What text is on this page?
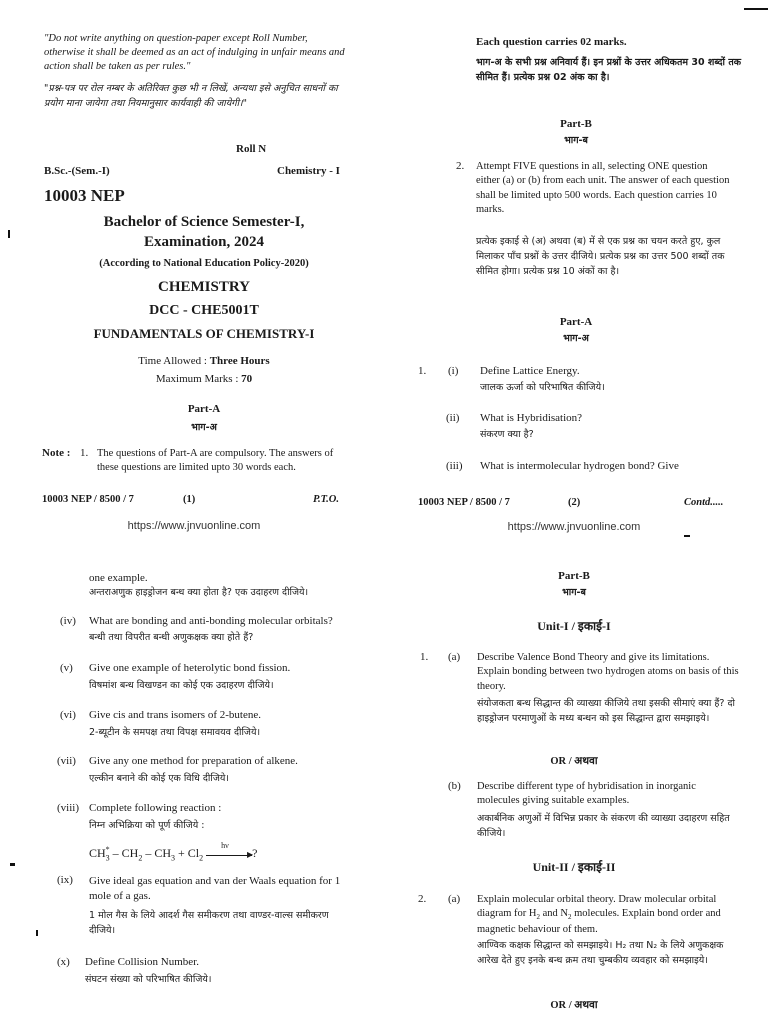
"Do not write anything on question-paper except Roll Number, otherwise it shall be deemed as an act of indulging in unfair means and action shall be taken as per rules."
"प्रश्न-पत्र पर रोल नम्बर के अतिरिक्त कुछ भी न लिखें, अन्यथा इसे अनुचित साधनों का प्रयोग माना जायेगा तथा नियमानुसार कार्यवाही की जायेगी।"
Roll N
B.Sc.-(Sem.-I)	Chemistry - I
10003 NEP
Bachelor of Science Semester-I,
Examination, 2024
(According to National Education Policy-2020)
CHEMISTRY
DCC - CHE5001T
FUNDAMENTALS OF CHEMISTRY-I
Time Allowed : Three Hours
Maximum Marks : 70
Part-A
भाग-अ
Note : 1. The questions of Part-A are compulsory. The answers of these questions are limited upto 30 words each.
10003 NEP / 8500 / 7	(1)	P.T.O.
https://www.jnvuonline.com
Each question carries 02 marks.
भाग-अ के सभी प्रश्न अनिवार्य हैं। इन प्रश्नों के उत्तर अधिकतम 30 शब्दों तक सीमित हैं। प्रत्येक प्रश्न 02 अंक का है।
Part-B
भाग-ब
2. Attempt FIVE questions in all, selecting ONE question either (a) or (b) from each unit. The answer of each question shall be limited upto 500 words. Each question carries 10 marks.
प्रत्येक इकाई से (अ) अथवा (ब) में से एक प्रश्न का चयन करते हुए, कुल मिलाकर पाँच प्रश्नों के उत्तर दीजिये। प्रत्येक प्रश्न का उत्तर 500 शब्दों तक सीमित होगा। प्रत्येक प्रश्न 10 अंकों का है।
Part-A
भाग-अ
1. (i) Define Lattice Energy.
जालक ऊर्जा को परिभाषित कीजिये।
(ii) What is Hybridisation?
संकरण क्या है?
(iii) What is intermolecular hydrogen bond? Give
10003 NEP / 8500 / 7	(2)	Contd.....
https://www.jnvuonline.com
one example.
अन्तराअणुक हाइड्रोजन बन्ध क्या होता है? एक उदाहरण दीजिये।
(iv) What are bonding and anti-bonding molecular orbitals?
बन्धी तथा विपरीत बन्धी अणुकक्षक क्या होते हैं?
(v) Give one example of heterolytic bond fission.
विषमांश बन्ध विखण्डन का कोई एक उदाहरण दीजिये।
(vi) Give cis and trans isomers of 2-butene.
2-ब्यूटीन के समपक्ष तथा विपक्ष समावयव दीजिये।
(vii) Give any one method for preparation of alkene.
एल्कीन बनाने की कोई एक विधि दीजिये।
(viii) Complete following reaction :
निम्न अभिक्रिया को पूर्ण कीजिये :
$CH_3^* - CH_2 - CH_3 + Cl_2$
hν
▶ ?
(ix) Give ideal gas equation and van der Waals equation for 1 mole of a gas.
1 मोल गैस के लिये आदर्श गैस समीकरण तथा वाण्डर-वाल्स समीकरण दीजिये।
(x) Define Collision Number.
संघटन संख्या को परिभाषित कीजिये।
Part-B
भाग-ब
Unit-I / इकाई-I
1. (a) Describe Valence Bond Theory and give its limitations. Explain bonding between two hydrogen atoms on basis of this theory.
संयोजकता बन्ध सिद्धान्त की व्याख्या कीजिये तथा इसकी सीमाएं क्या हैं? दो हाइड्रोजन परमाणुओं के मध्य बन्धन को इस सिद्धान्त द्वारा समझाइये।
OR / अथवा
(b) Describe different type of hybridisation in inorganic molecules giving suitable examples.
अकार्बनिक अणुओं में विभिन्न प्रकार के संकरण की व्याख्या उदाहरण सहित कीजिये।
Unit-II / इकाई-II
2. (a) Explain molecular orbital theory. Draw molecular orbital diagram for $H_2$ and $N_2$ molecules. Explain bond order and magnetic behaviour of them.
आण्विक कक्षक सिद्धान्त को समझाइये। H₂ तथा N₂ के लिये अणुकक्षक आरेख देते हुए इनके बन्ध क्रम तथा चुम्बकीय व्यवहार को समझाइये।
OR / अथवा
